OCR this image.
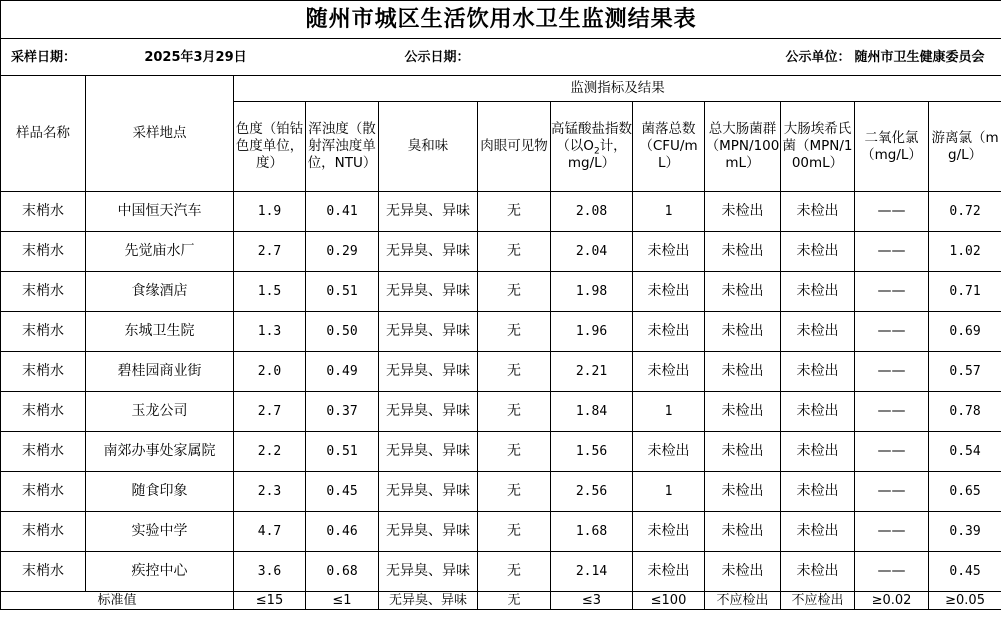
随州市城区生活饮用水卫生监测结果表											
采样日期：	2025年3月29日		公示日期：					公示单位：		随州市卫生健康委员会	
样品名称	采样地点	监测指标及结果									
		色度（铂钴色度单位，度）	浑浊度（散射浑浊度单位，NTU）	臭和味	肉眼可见物	高锰酸盐指数（以$O_2$计，mg/L）	菌落总数（CFU/mL）	总大肠菌群（MPN/100mL）	大肠埃希氏菌（MPN/100mL）	二氧化氯（mg/L）	游离氯（mg/L）
末梢水	中国恒天汽车	1.9	0.41	无异臭、异味	无	2.08	1	未检出	未检出	——	0.72
末梢水	先觉庙水厂	2.7	0.29	无异臭、异味	无	2.04	未检出	未检出	未检出	——	1.02
末梢水	食缘酒店	1.5	0.51	无异臭、异味	无	1.98	未检出	未检出	未检出	——	0.71
末梢水	东城卫生院	1.3	0.50	无异臭、异味	无	1.96	未检出	未检出	未检出	——	0.69
末梢水	碧桂园商业街	2.0	0.49	无异臭、异味	无	2.21	未检出	未检出	未检出	——	0.57
末梢水	玉龙公司	2.7	0.37	无异臭、异味	无	1.84	1	未检出	未检出	——	0.78
末梢水	南郊办事处家属院	2.2	0.51	无异臭、异味	无	1.56	未检出	未检出	未检出	——	0.54
末梢水	随食印象	2.3	0.45	无异臭、异味	无	2.56	1	未检出	未检出	——	0.65
末梢水	实验中学	4.7	0.46	无异臭、异味	无	1.68	未检出	未检出	未检出	——	0.39
末梢水	疾控中心	3.6	0.68	无异臭、异味	无	2.14	未检出	未检出	未检出	——	0.45
标准值		≤15	≤1	无异臭、异味	无	≤3	≤100	不应检出	不应检出	≥0.02	≥0.05
